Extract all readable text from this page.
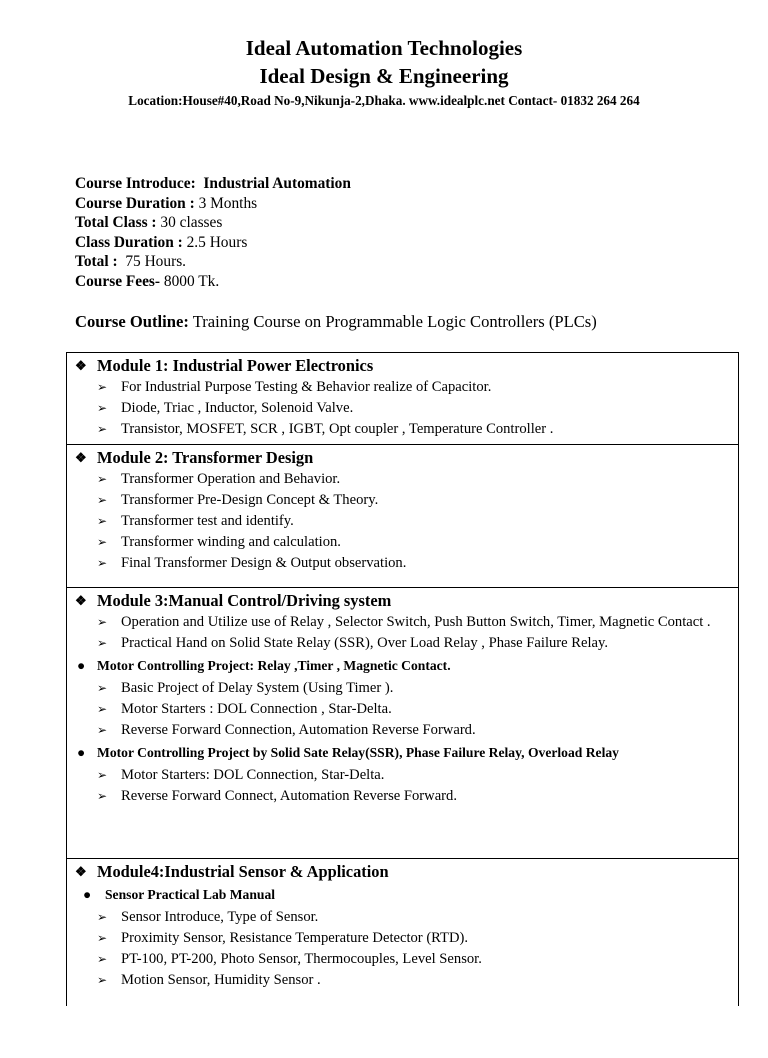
Ideal Automation Technologies
Ideal Design & Engineering
Location:House#40,Road No-9,Nikunja-2,Dhaka. www.idealplc.net Contact- 01832 264 264
Course Introduce: Industrial Automation
Course Duration : 3 Months
Total Class : 30 classes
Class Duration : 2.5 Hours
Total : 75 Hours.
Course Fees- 8000 Tk.
Course Outline: Training Course on Programmable Logic Controllers (PLCs)
❖ Module 1: Industrial Power Electronics
➢ For Industrial Purpose Testing & Behavior realize of Capacitor.
➢ Diode, Triac , Inductor, Solenoid Valve.
➢ Transistor, MOSFET, SCR , IGBT, Opt coupler , Temperature Controller .
❖ Module 2: Transformer Design
➢ Transformer Operation and Behavior.
➢ Transformer Pre-Design Concept & Theory.
➢ Transformer test and identify.
➢ Transformer winding and calculation.
➢ Final Transformer Design & Output observation.
❖ Module 3:Manual Control/Driving system
➢ Operation and Utilize use of Relay , Selector Switch, Push Button Switch, Timer, Magnetic Contact .
➢ Practical Hand on Solid State Relay (SSR), Over Load Relay , Phase Failure Relay.
● Motor Controlling Project: Relay ,Timer , Magnetic Contact.
➢ Basic Project of Delay System (Using Timer ).
➢ Motor Starters : DOL Connection , Star-Delta.
➢ Reverse Forward Connection, Automation Reverse Forward.
● Motor Controlling Project by Solid Sate Relay(SSR), Phase Failure Relay, Overload Relay
➢ Motor Starters: DOL Connection, Star-Delta.
➢ Reverse Forward Connect, Automation Reverse Forward.
❖ Module4:Industrial Sensor & Application
●	Sensor Practical Lab Manual
➢ Sensor Introduce, Type of Sensor.
➢ Proximity Sensor, Resistance Temperature Detector (RTD).
➢ PT-100, PT-200, Photo Sensor, Thermocouples, Level Sensor.
➢ Motion Sensor, Humidity Sensor .
